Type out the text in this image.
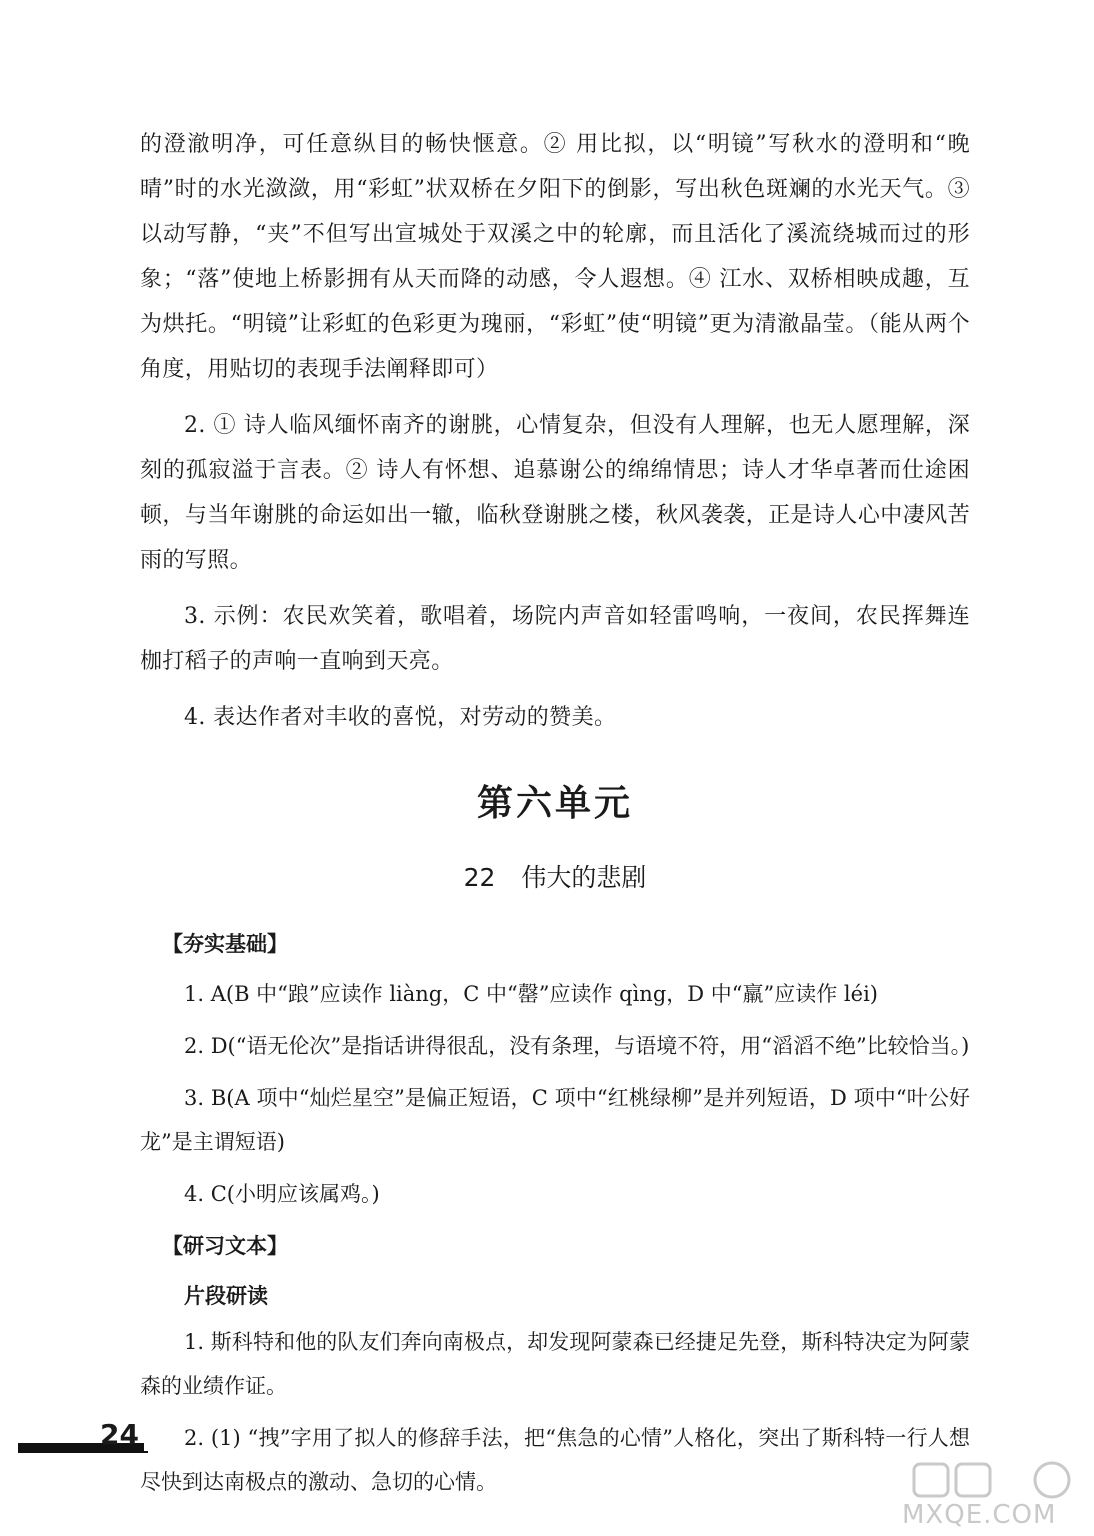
的澄澈明净，可任意纵目的畅快惬意。② 用比拟，以“明镜”写秋水的澄明和“晚晴”时的水光潋潋，用“彩虹”状双桥在夕阳下的倒影，写出秋色斑斓的水光天气。③ 以动写静，“夹”不但写出宣城处于双溪之中的轮廓，而且活化了溪流绕城而过的形象；“落”使地上桥影拥有从天而降的动感，令人遐想。④ 江水、双桥相映成趣，互为烘托。“明镜”让彩虹的色彩更为瑰丽，“彩虹”使“明镜”更为清澈晶莹。（能从两个角度，用贴切的表现手法阐释即可）

2. ① 诗人临风缅怀南齐的谢朓，心情复杂，但没有人理解，也无人愿理解，深刻的孤寂溢于言表。② 诗人有怀想、追慕谢公的绵绵情思；诗人才华卓著而仕途困顿，与当年谢朓的命运如出一辙，临秋登谢朓之楼，秋风袭袭，正是诗人心中凄风苦雨的写照。

3. 示例：农民欢笑着，歌唱着，场院内声音如轻雷鸣响，一夜间，农民挥舞连枷打稻子的声响一直响到天亮。

4. 表达作者对丰收的喜悦，对劳动的赞美。

第六单元
22 伟大的悲剧
【夯实基础】
1. A(B 中“踉”应读作 liàng，C 中“罄”应读作 qìng，D 中“羸”应读作 léi)
2. D(“语无伦次”是指话讲得很乱，没有条理，与语境不符，用“滔滔不绝”比较恰当。)
3. B(A 项中“灿烂星空”是偏正短语，C 项中“红桃绿柳”是并列短语，D 项中“叶公好龙”是主谓短语)
4. C(小明应该属鸡。)
【研习文本】
片段研读
1. 斯科特和他的队友们奔向南极点，却发现阿蒙森已经捷足先登，斯科特决定为阿蒙森的业绩作证。
2. (1) “拽”字用了拟人的修辞手法，把“焦急的心情”人格化，突出了斯科特一行人想尽快到达南极点的激动、急切的心情。
24
MXQE.COM
